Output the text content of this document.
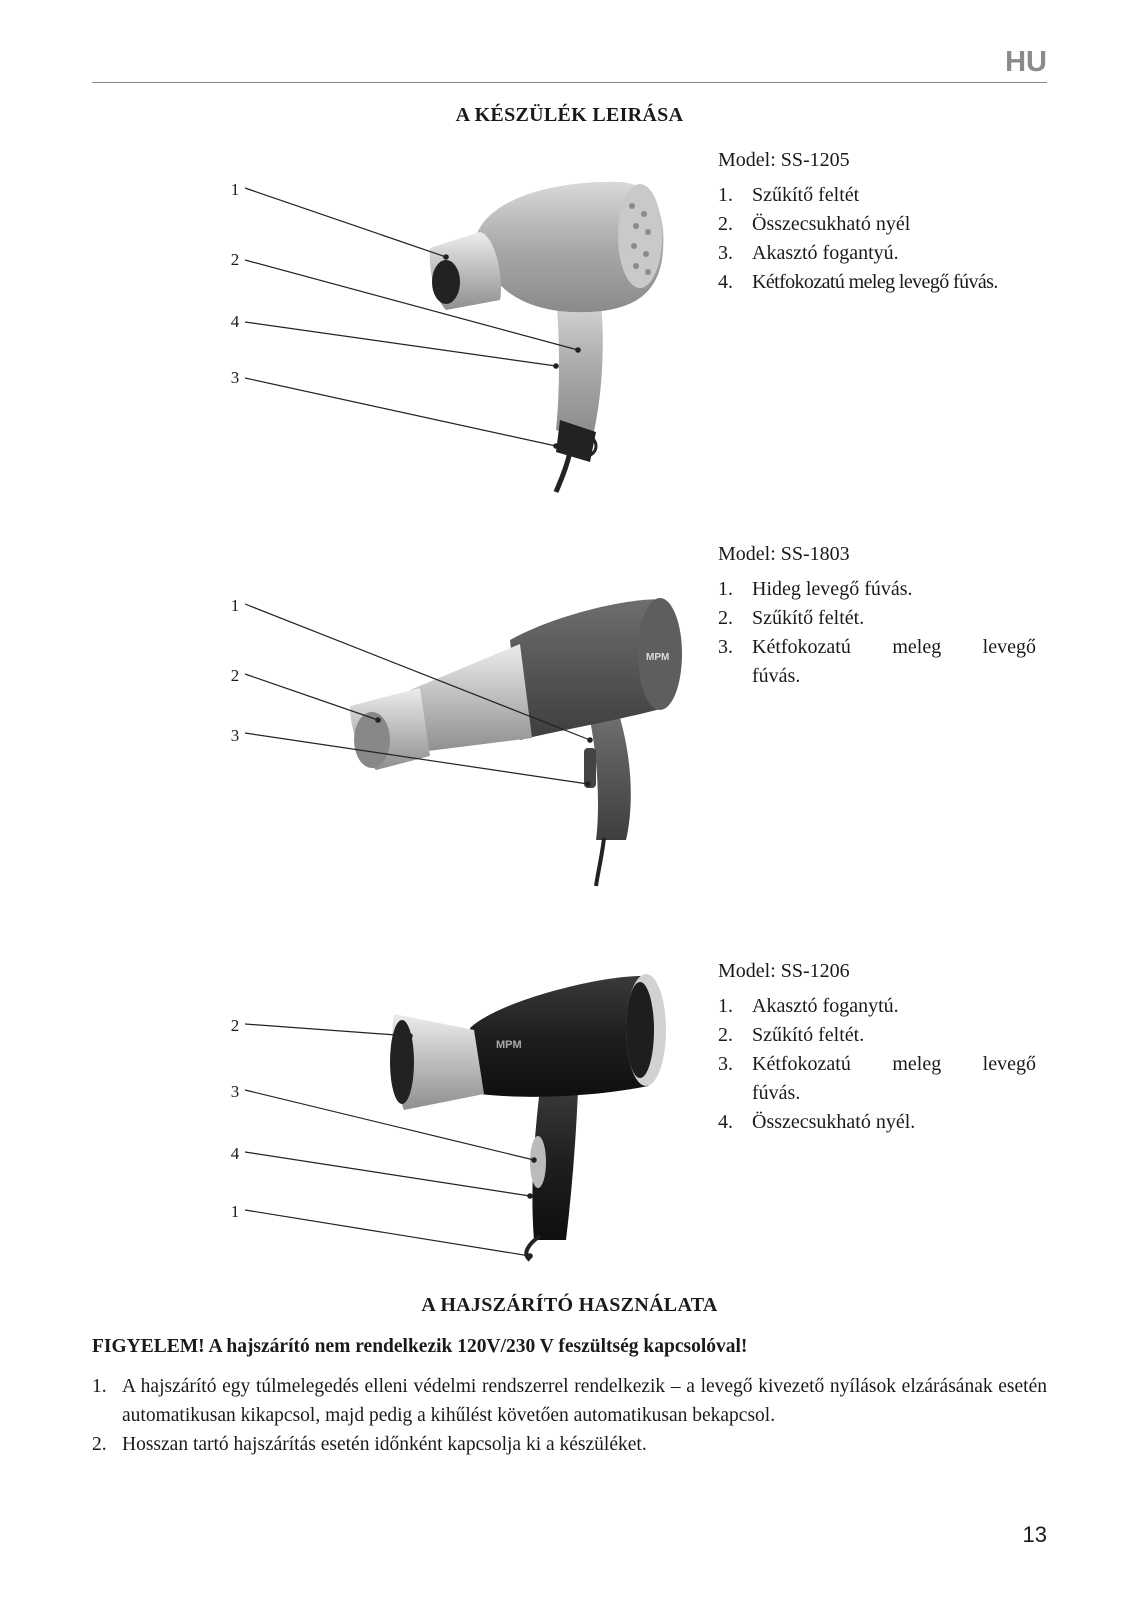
HU
A KÉSZÜLÉK LEIRÁSA
MPM
MPM
1
2
4
3
1
2
3
2
3
4
1
Model: SS-1205
1. Szűkítő feltét
2. Összecsukható nyél
3. Akasztó fogantyú.
4. Kétfokozatú meleg levegő fúvás.
Model: SS-1803
1. Hideg levegő fúvás.
2. Szűkítő feltét.
3. Kétfokozatú meleg levegő fúvás.
Model: SS-1206
1. Akasztó foganytú.
2. Szűkító feltét.
3. Kétfokozatú meleg levegő fúvás.
4. Összecsukható nyél.
A HAJSZÁRÍTÓ HASZNÁLATA
FIGYELEM! A hajszárító nem rendelkezik 120V/230 V feszültség kapcsolóval!
1. A hajszárító egy túlmelegedés elleni védelmi rendszerrel rendelkezik – a levegő kivezető nyílások elzárásának esetén automatikusan kikapcsol, majd pedig a kihűlést követően automatikusan bekapcsol.
2. Hosszan tartó hajszárítás esetén időnként kapcsolja ki a készüléket.
13
